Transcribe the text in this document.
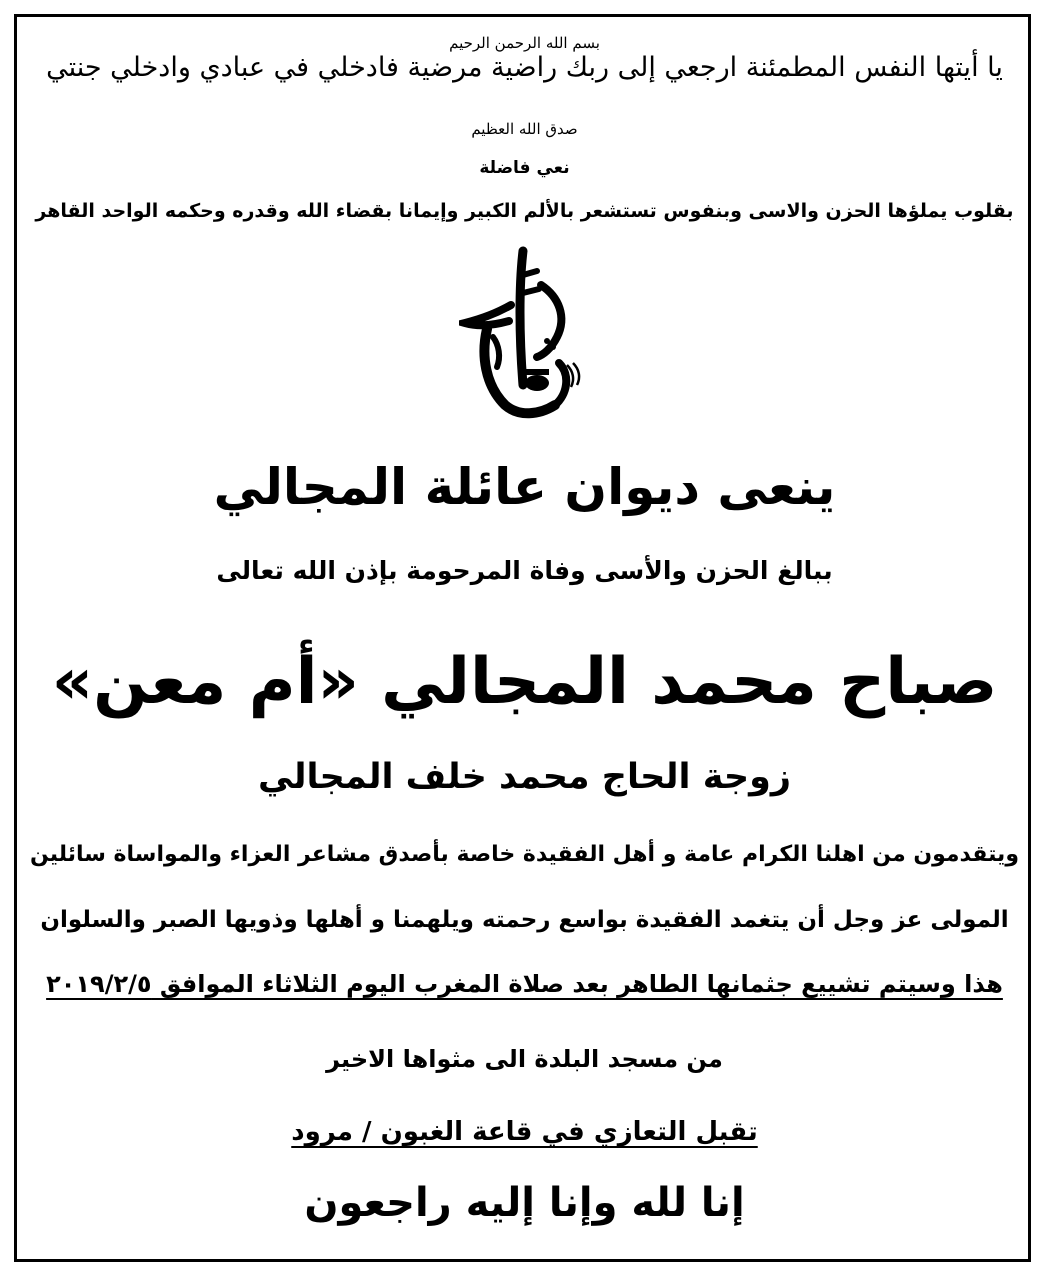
بسم الله الرحمن الرحيم
يا أيتها النفس المطمئنة ارجعي إلى ربك راضية مرضية فادخلي في عبادي وادخلي جنتي
صدق الله العظيم
نعي فاضلة
بقلوب يملؤها الحزن والاسى وبنفوس تستشعر بالألم الكبير وإيمانا بقضاء الله وقدره وحكمه الواحد القاهر
ينعى ديوان عائلة المجالي
ببالغ الحزن والأسى وفاة المرحومة بإذن الله تعالى
صباح محمد المجالي «أم معن»
زوجة الحاج محمد خلف المجالي
ويتقدمون من اهلنا الكرام عامة و أهل الفقيدة خاصة بأصدق مشاعر العزاء والمواساة سائلين
المولى عز وجل أن يتغمد الفقيدة بواسع رحمته ويلهمنا و أهلها وذويها الصبر والسلوان
هذا وسيتم تشييع جثمانها الطاهر بعد صلاة المغرب اليوم الثلاثاء الموافق ٢٠١٩/٢/٥
من مسجد البلدة الى مثواها الاخير
تقبل التعازي في قاعة الغبون / مرود
إنا لله وإنا إليه راجعون
